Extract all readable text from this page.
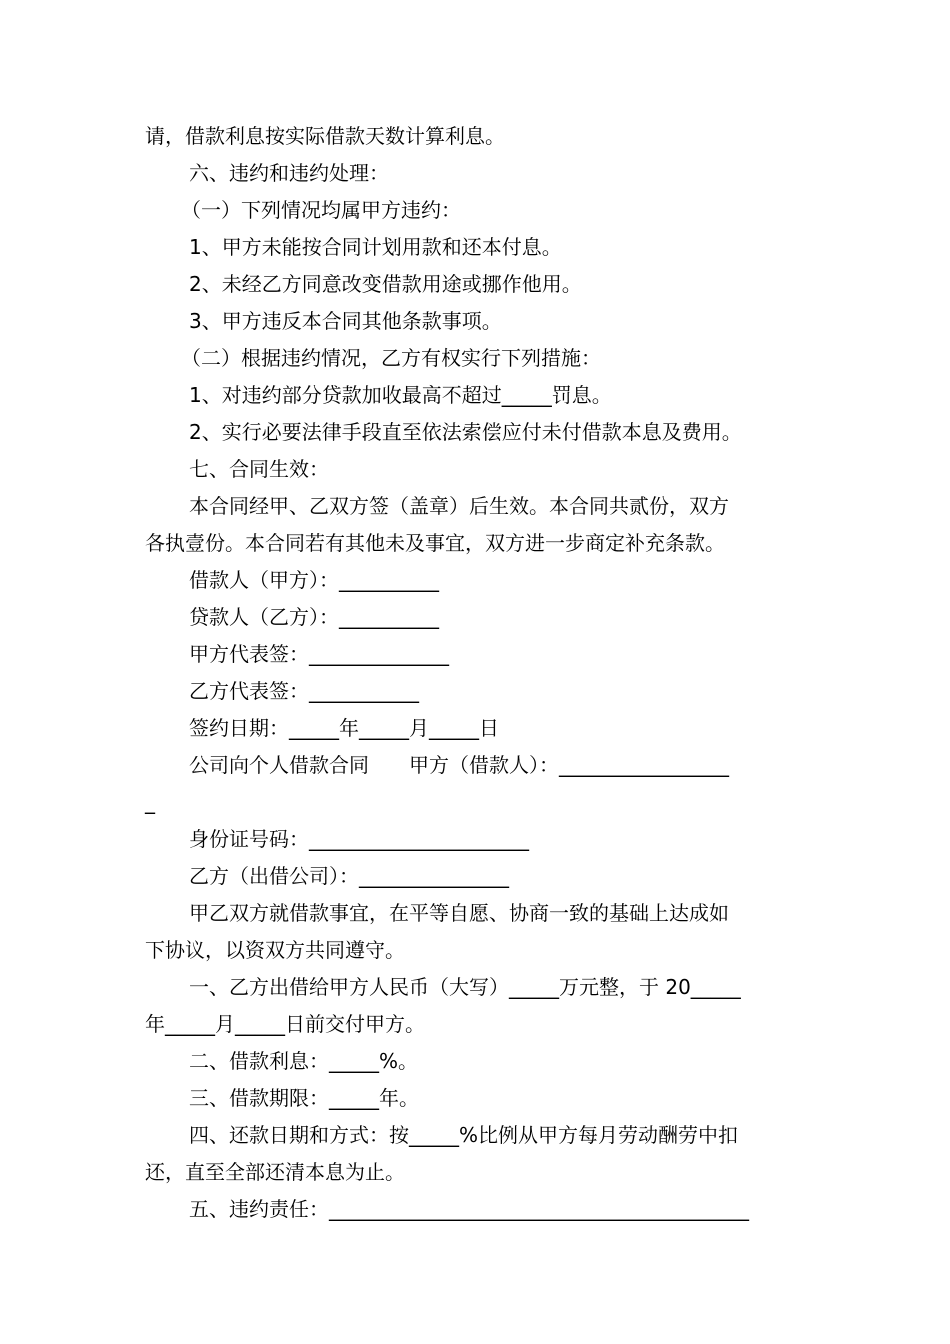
请，借款利息按实际借款天数计算利息。

六、违约和违约处理：

（一）下列情况均属甲方违约：

1、甲方未能按合同计划用款和还本付息。

2、未经乙方同意改变借款用途或挪作他用。

3、甲方违反本合同其他条款事项。

（二）根据违约情况，乙方有权实行下列措施：

1、对违约部分贷款加收最高不超过_____罚息。

2、实行必要法律手段直至依法索偿应付未付借款本息及费用。

七、合同生效：

本合同经甲、乙双方签（盖章）后生效。本合同共贰份，双方

各执壹份。本合同若有其他未及事宜，双方进一步商定补充条款。

借款人（甲方）：__________

贷款人（乙方）：__________

甲方代表签：______________

乙方代表签：___________

签约日期：_____年_____月_____日

公司向个人借款合同　　甲方（借款人）：_________________

_

身份证号码：______________________

乙方（出借公司）：_______________

甲乙双方就借款事宜，在平等自愿、协商一致的基础上达成如

下协议，以资双方共同遵守。

一、乙方出借给甲方人民币（大写）_____万元整，于 20_____

年_____月_____日前交付甲方。

二、借款利息：_____%。

三、借款期限：_____年。

四、还款日期和方式：按_____%比例从甲方每月劳动酬劳中扣

还，直至全部还清本息为止。

五、违约责任：__________________________________________
